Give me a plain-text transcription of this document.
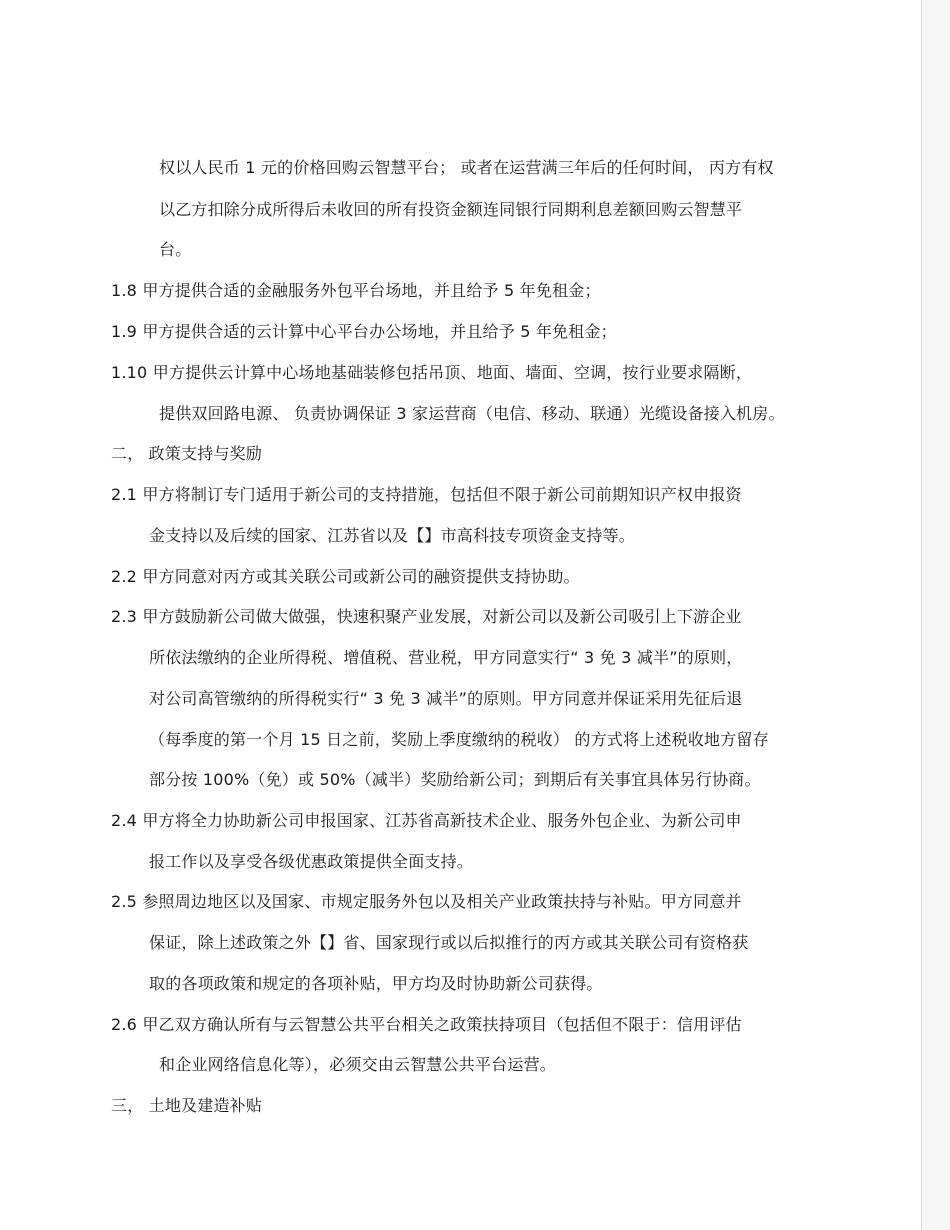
权以人民币 1 元的价格回购云智慧平台； 或者在运营满三年后的任何时间， 丙方有权
以乙方扣除分成所得后未收回的所有投资金额连同银行同期利息差额回购云智慧平
台。
1.8 甲方提供合适的金融服务外包平台场地，并且给予 5 年免租金；
1.9 甲方提供合适的云计算中心平台办公场地，并且给予 5 年免租金；
1.10 甲方提供云计算中心场地基础装修包括吊顶、地面、墙面、空调，按行业要求隔断，
提供双回路电源、 负责协调保证 3 家运营商（电信、移动、联通）光缆设备接入机房。
二， 政策支持与奖励
2.1 甲方将制订专门适用于新公司的支持措施，包括但不限于新公司前期知识产权申报资
金支持以及后续的国家、江苏省以及【】市高科技专项资金支持等。
2.2 甲方同意对丙方或其关联公司或新公司的融资提供支持协助。
2.3 甲方鼓励新公司做大做强，快速积聚产业发展，对新公司以及新公司吸引上下游企业
所依法缴纳的企业所得税、增值税、营业税，甲方同意实行“ 3 免 3 减半”的原则，
对公司高管缴纳的所得税实行“ 3 免 3 减半”的原则。甲方同意并保证采用先征后退
（每季度的第一个月 15 日之前，奖励上季度缴纳的税收） 的方式将上述税收地方留存
部分按 100%（免）或 50%（减半）奖励给新公司；到期后有关事宜具体另行协商。
2.4 甲方将全力协助新公司申报国家、江苏省高新技术企业、服务外包企业、为新公司申
报工作以及享受各级优惠政策提供全面支持。
2.5 参照周边地区以及国家、市规定服务外包以及相关产业政策扶持与补贴。甲方同意并
保证，除上述政策之外【】省、国家现行或以后拟推行的丙方或其关联公司有资格获
取的各项政策和规定的各项补贴，甲方均及时协助新公司获得。
2.6 甲乙双方确认所有与云智慧公共平台相关之政策扶持项目（包括但不限于：信用评估
和企业网络信息化等），必须交由云智慧公共平台运营。
三， 土地及建造补贴
